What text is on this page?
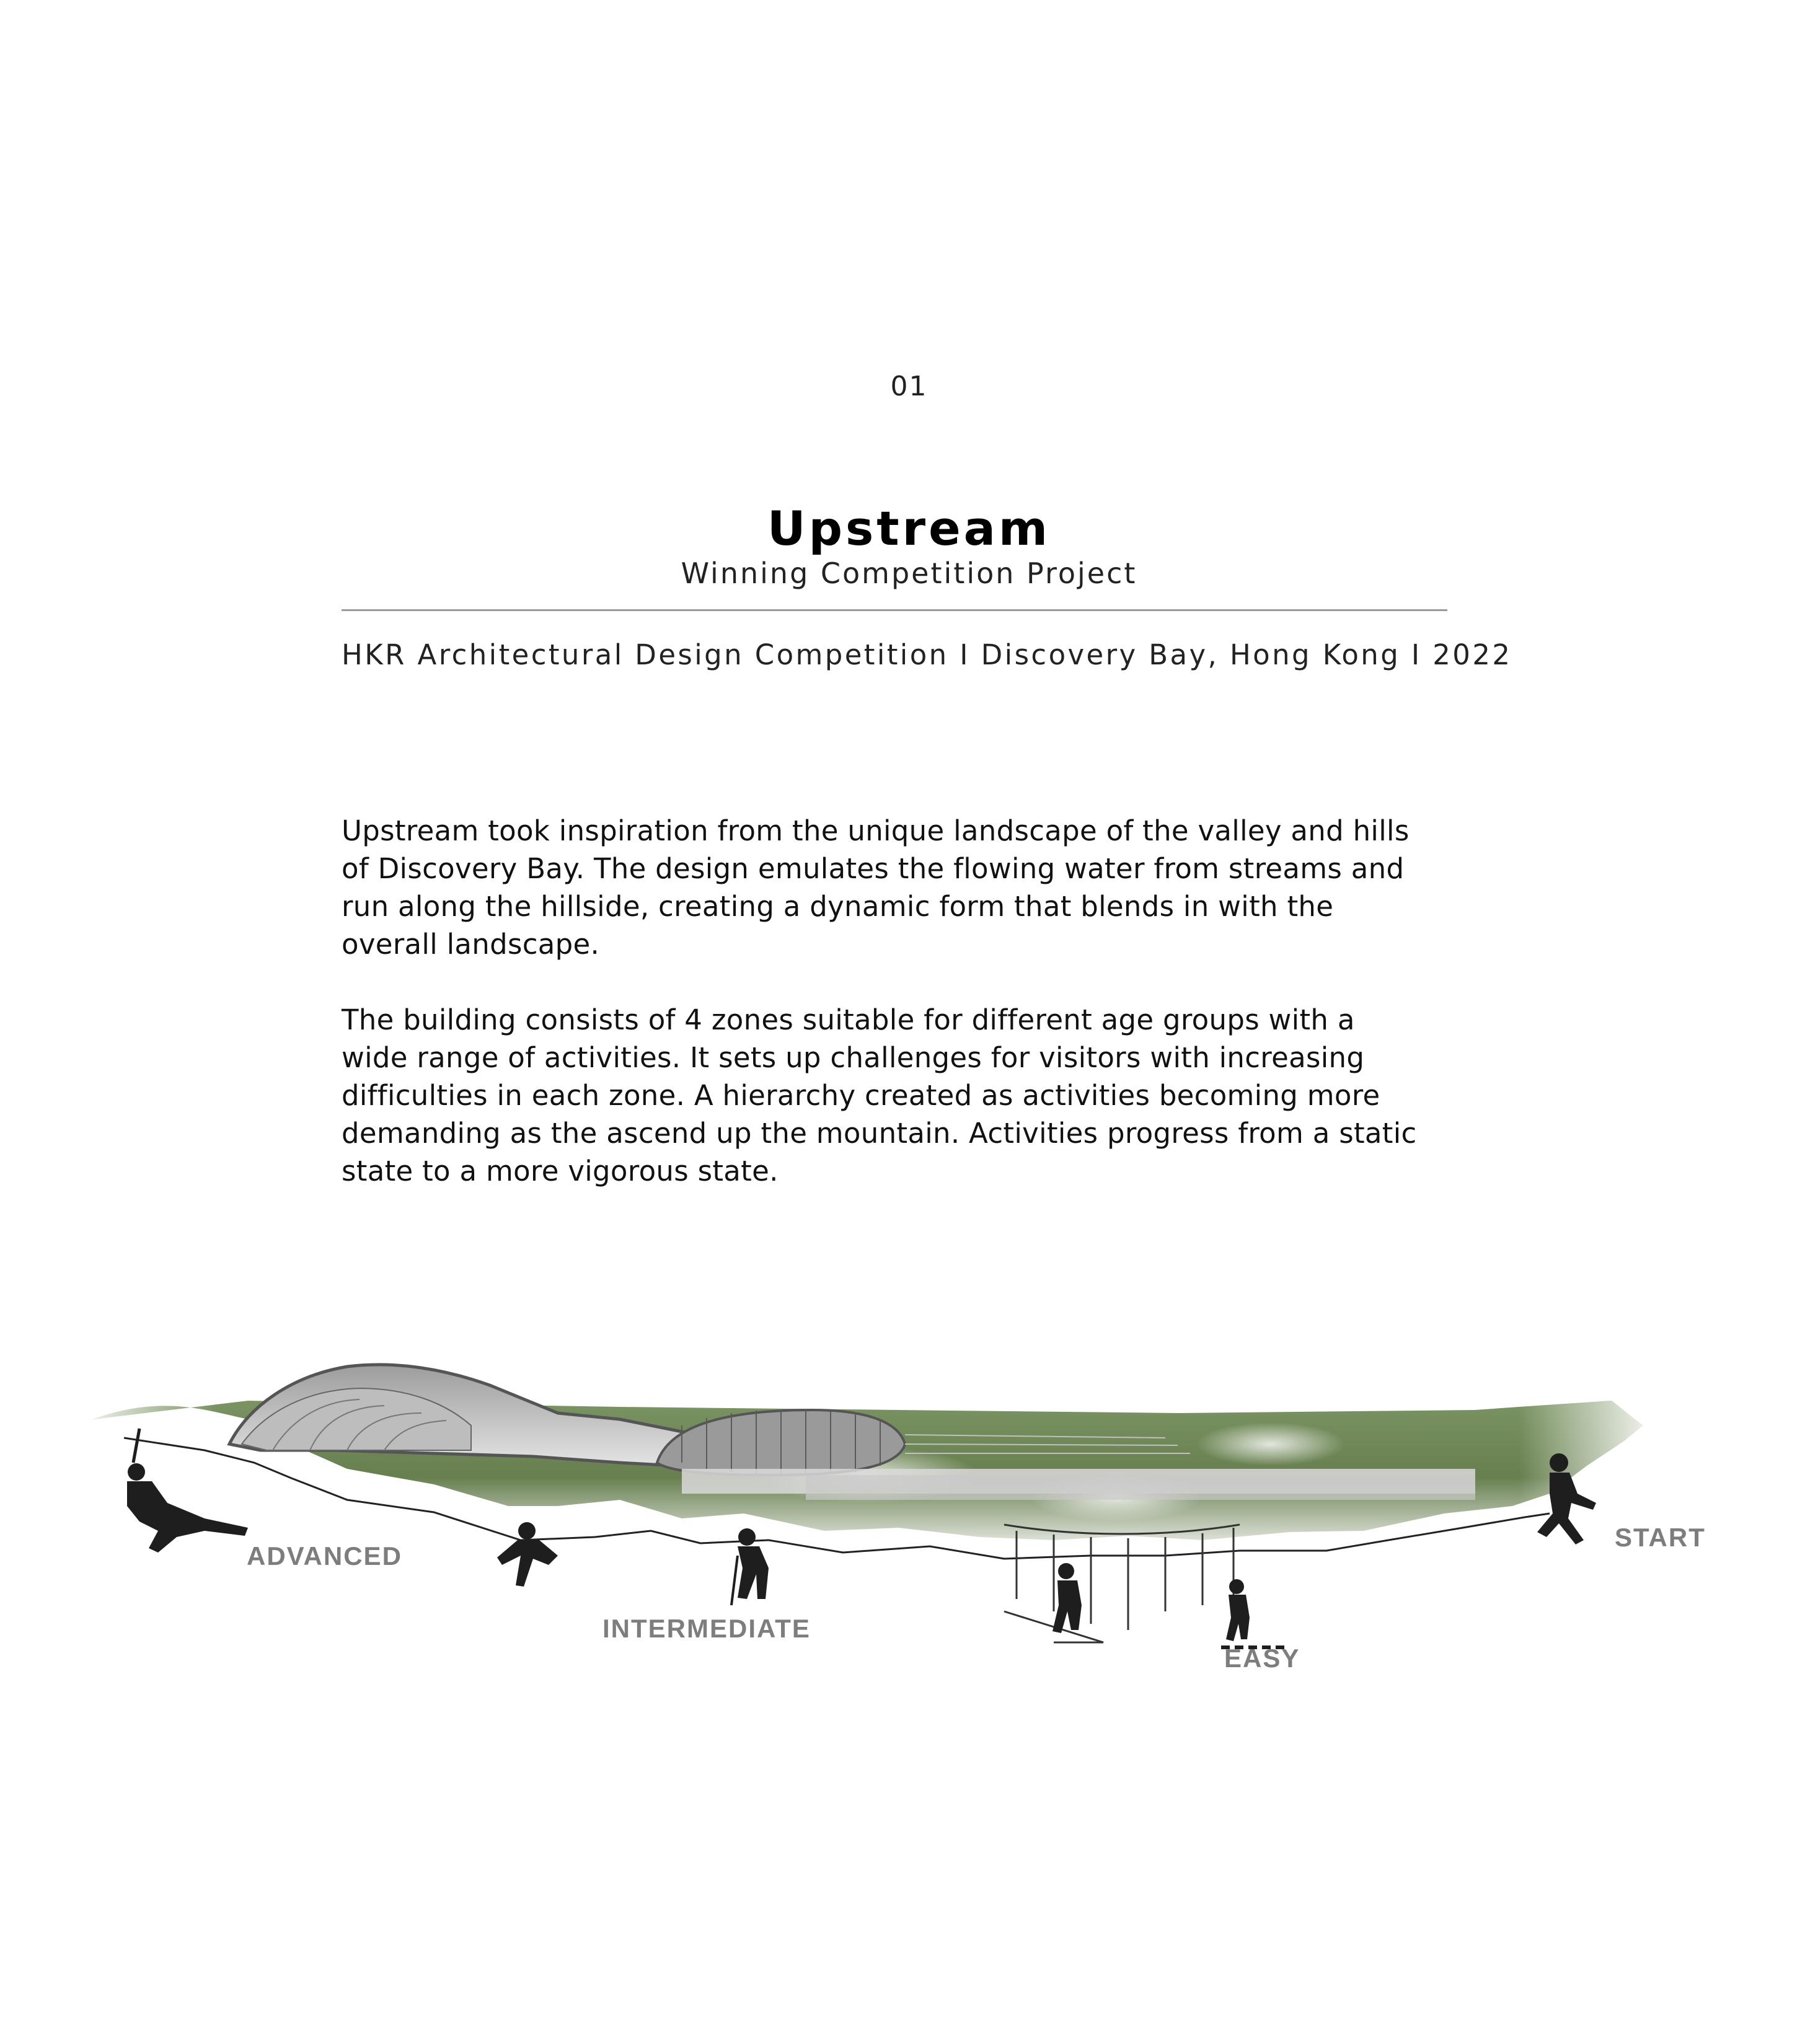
01
Upstream
Winning Competition Project
HKR Architectural Design Competition I Discovery Bay, Hong Kong I 2022
Upstream took inspiration from the unique landscape of the valley and hills
of Discovery Bay. The design emulates the flowing water from streams and
run along the hillside, creating a dynamic form that blends in with the
overall landscape.
The building consists of 4 zones suitable for different age groups with a
wide range of activities. It sets up challenges for visitors with increasing
difficulties in each zone. A hierarchy created as activities becoming more
demanding as the ascend up the mountain. Activities progress from a static
state to a more vigorous state.
ADVANCED
INTERMEDIATE
EASY
START
